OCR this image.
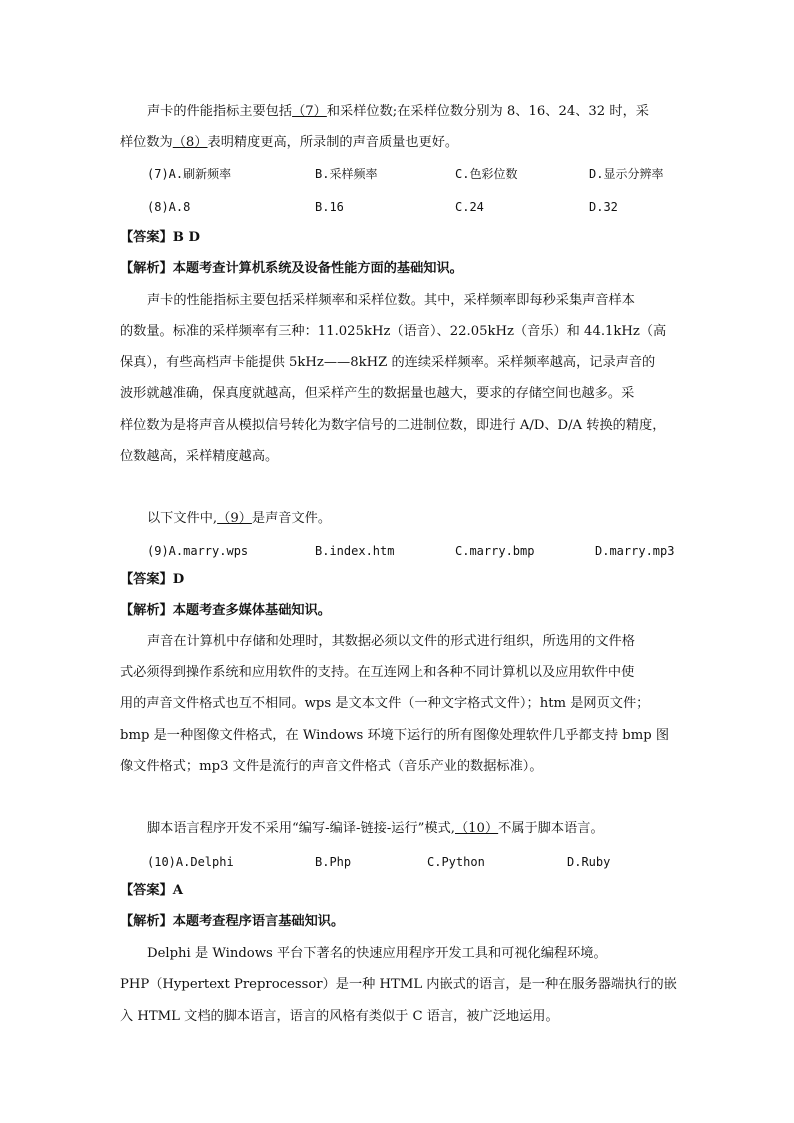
声卡的件能指标主要包括（7）和采样位数;在采样位数分别为 8、16、24、32 时，采
样位数为（8）表明精度更高，所录制的声音质量也更好。
(7)A.刷新频率	B.采样频率	C.色彩位数	D.显示分辨率
(8)A.8	B.16	C.24	D.32
【答案】B D
【解析】本题考查计算机系统及设备性能方面的基础知识。
声卡的性能指标主要包括采样频率和采样位数。其中，采样频率即每秒采集声音样本
的数量。标准的采样频率有三种：11.025kHz（语音）、22.05kHz（音乐）和 44.1kHz（高
保真），有些高档声卡能提供 5kHz——8kHZ 的连续采样频率。采样频率越高，记录声音的
波形就越准确，保真度就越高，但采样产生的数据量也越大，要求的存储空间也越多。采
样位数为是将声音从模拟信号转化为数字信号的二进制位数，即进行 A/D、D/A 转换的精度，
位数越高，采样精度越高。
以下文件中,（9）是声音文件。
(9)A.marry.wps	B.index.htm	C.marry.bmp	D.marry.mp3
【答案】D
【解析】本题考查多媒体基础知识。
声音在计算机中存储和处理时，其数据必须以文件的形式进行组织，所选用的文件格
式必须得到操作系统和应用软件的支持。在互连网上和各种不同计算机以及应用软件中使
用的声音文件格式也互不相同。wps 是文本文件（一种文字格式文件）；htm 是网页文件；
bmp 是一种图像文件格式，在 Windows 环境下运行的所有图像处理软件几乎都支持 bmp 图
像文件格式；mp3 文件是流行的声音文件格式（音乐产业的数据标准）。
脚本语言程序开发不采用“编写-编译-链接-运行”模式,（10）不属于脚本语言。
(10)A.Delphi	B.Php	C.Python	D.Ruby
【答案】A
【解析】本题考查程序语言基础知识。
Delphi 是 Windows 平台下著名的快速应用程序开发工具和可视化编程环境。
PHP（Hypertext Preprocessor）是一种 HTML 内嵌式的语言，是一种在服务器端执行的嵌
入 HTML 文档的脚本语言，语言的风格有类似于 C 语言，被广泛地运用。
